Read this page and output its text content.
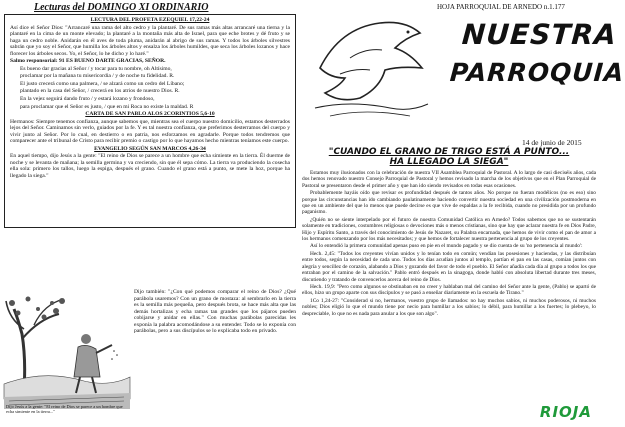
Lecturas del DOMINGO XI ORDINARIO

LECTURA DEL PROFETA EZEQUIEL 17,22-24

Así dice el Señor Dios: "Arrancaré una rama del alto cedro y la plantaré. De sus ramas más altas arrancaré una tierna y la plantaré en la cima de un monte elevado; la plantaré a la montaña más alta de Israel, para que eche brotes y dé fruto y se haga un cedro noble. Anidarán en él aves de toda pluma, anidarán al abrigo de sus ramas. Y todos los árboles silvestres sabrán que yo soy el Señor, que humilla los árboles altos y ensalza los árboles humildes, que seca los árboles lozanos y hace florecer los árboles secos. Yo, el Señor, lo he dicho y lo haré."

Salmo responsorial: 91 ES BUENO DARTE GRACIAS, SEÑOR.

Es bueno dar gracias al Señor / y tocar para tu nombre, oh Altísimo,

proclamar por la mañana tu misericordia / y de noche tu fidelidad. R.

El justo crecerá como una palmera, / se alzará como un cedro del Líbano;

plantado en la casa del Señor, / crecerá en los atrios de nuestro Dios. R.

En la vejez seguirá dando fruto / y estará lozano y frondoso,

para proclamar que el Señor es justo, / que en mi Roca no existe la maldad. R

CARTA DE SAN PABLO ALOS 2CORINTIOS 5,6-10

Hermanos: Siempre tenemos confianza, aunque sabemos que, mientras sea el cuerpo nuestro domicilio, estamos desterrados lejos del Señor. Caminamos sin verlo, guiados por la fe. Y es tal nuestra confianza, que preferimos desterramos del cuerpo y vivir junto al Señor. Por lo cual, en destierro o en patria, nos esforzamos en agradarle. Porque todos tendremos que comparecer ante el tribunal de Cristo para recibir premio o castigo por lo que hayamos hecho mientras teníamos este cuerpo.

EVANGELIO SEGÚN SAN MARCOS 4,26-34

En aquel tiempo, dijo Jesús a la gente: "El reino de Dios se parece a un hombre que echa simiente en la tierra. Él duerme de noche y se levanta de mañana; la semilla germina y va creciendo, sin que él sepa cómo. La tierra va produciendo la cosecha ella sola: primero los tallos, luego la espiga, después el grano. Cuando el grano está a punto, se mete la hoz, porque ha llegado la siega."

Dijo Jesús a la gente: "El reino de Dios se parece a un hombre que echa simiente en la tierra..."

Dijo también: "¿Con qué podemos comparar el reino de Dios? ¿Qué parábola usaremos? Con un grano de mostaza: al sembrarlo en la tierra es la semilla más pequeña, pero después brota, se hace más alta que las demás hortalizas y echa ramas tan grandes que los pájaros pueden cobijarse y anidar en ellas." Con muchas parábolas parecidas les exponía la palabra acomodándose a su entender. Todo se lo exponía con parábolas, pero a sus discípulos se lo explicaba todo en privado.

HOJA PARROQUIAL DE ARNEDO n.1.177
NUESTRA
PARROQUIA
14 de junio de 2015
"CUANDO EL GRANO DE TRIGO ESTÁ A PUNTO...
HA LLEGADO LA SIEGA"

Estamos muy ilusionados con la celebración de nuestra VII Asamblea Parroquial de Pastoral. A lo largo de casi dieciséis años, cada dos hemos renovado nuestro Consejo Parroquial de Pastoral y hemos revisado la marcha de los objetivos que en el Plan Parroquial de Pastoral se presentaron desde el primer año y que han ido siendo revisados en todas esas ocasiones.

Probablemente hayáis oído que revisar es profundidad después de tantos años. No porque no fueran modélicos (no es eso) sino porque las circunstancias han ido cambiando paulatinamente haciendo convertir nuestra sociedad en una civilización postmoderna en que en un ambiente del que lo menos que puede decirse es que vive de espaldas a la fe recibida, cuando no presidida por un profundo paganismo.

¿Quién no se siente interpelado por el futuro de nuestra Comunidad Católica en Arnedo? Todos sabemos que no se sustentarán solamente en tradiciones, costumbres religiosas o devociones más o menos cristianas, sino que hay que aclarar nuestra fe en Dios Padre, Hijo y Espíritu Santo, a través del conocimiento de Jesús de Nazaret, su Palabra encarnada, que hemos de vivir como el pan de amor a los hermanos comenzando por los más necesitados; y que hemos de fortalecer nuestra pertenencia al grupo de los creyentes.

Así lo entendió la primera comunidad apenas puso en pie en el mundo pagado y se dio cuenta de su 'no pertenencia al mundo':

Hech. 2,45: "Todos los creyentes vivían unidos y lo tenían todo en común; vendían las posesiones y haciendas, y las distribuían entre todos, según la necesidad de cada uno. Todos los días acudían juntos al templo, partían el pan en las casas, comían juntos con alegría y sencillez de corazón, alabando a Dios y gozando del favor de todo el pueblo. El Señor añadía cada día al grupo a todos los que entraban por el camino de la salvación." Pablo entró después en la sinagoga, donde habló con absoluta libertad durante tres meses, discutiendo y tratando de convencerlos acerca del reino de Dios.

Hech. 19,9: "Pero como algunos se obstinaban en no creer y hablaban mal del camino del Señor ante la gente, (Pablo) se apartó de ellos, hizo un grupo aparte con sus discípulos y se pasó a enseñar diariamente en la escuela de Tirano."

1Co 1,24-27: "Considerad si no, hermanos, vuestro grupo de llamados: no hay muchos sabios, ni muchos poderosos, ni muchos nobles; Dios eligió lo que el mundo tiene por necio para humillar a los sabios; lo débil, para humillar a los fuertes; lo plebeyo, lo despreciable, lo que no es nada para anular a los que son algo".

RIOJA
